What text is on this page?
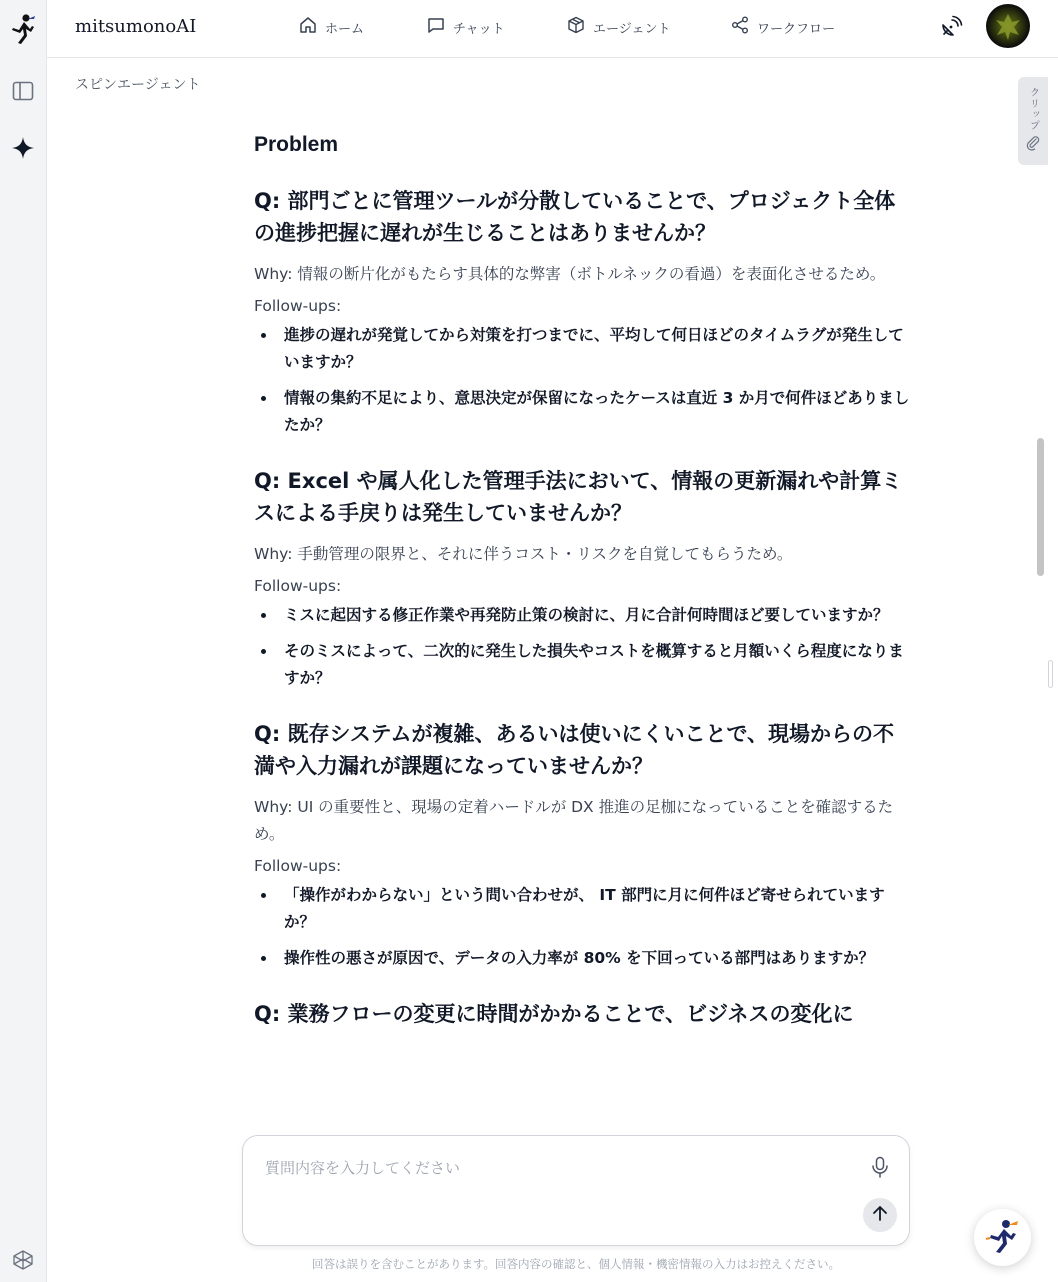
mitsumonoAI	ホーム	チャット	エージェント	ワークフロー
スピンエージェント
クリップ
Problem
Q: 部門ごとに管理ツールが分散していることで、プロジェクト全体の進捗把握に遅れが生じることはありませんか？
Why: 情報の断片化がもたらす具体的な弊害（ボトルネックの看過）を表面化させるため。
Follow-ups:
進捗の遅れが発覚してから対策を打つまでに、平均して何日ほどのタイムラグが発生していますか？
情報の集約不足により、意思決定が保留になったケースは直近 3 か月で何件ほどありましたか？
Q: Excel や属人化した管理手法において、情報の更新漏れや計算ミスによる手戻りは発生していませんか？
Why: 手動管理の限界と、それに伴うコスト・リスクを自覚してもらうため。
Follow-ups:
ミスに起因する修正作業や再発防止策の検討に、月に合計何時間ほど要していますか？
そのミスによって、二次的に発生した損失やコストを概算すると月額いくら程度になりますか？
Q: 既存システムが複雑、あるいは使いにくいことで、現場からの不満や入力漏れが課題になっていませんか？
Why: UI の重要性と、現場の定着ハードルが DX 推進の足枷になっていることを確認するため。
Follow-ups:
「操作がわからない」という問い合わせが、 IT 部門に月に何件ほど寄せられていますか？
操作性の悪さが原因で、データの入力率が 80% を下回っている部門はありますか？
Q: 業務フローの変更に時間がかかることで、ビジネスの変化に
質問内容を入力してください
回答は誤りを含むことがあります。回答内容の確認と、個人情報・機密情報の入力はお控えください。
